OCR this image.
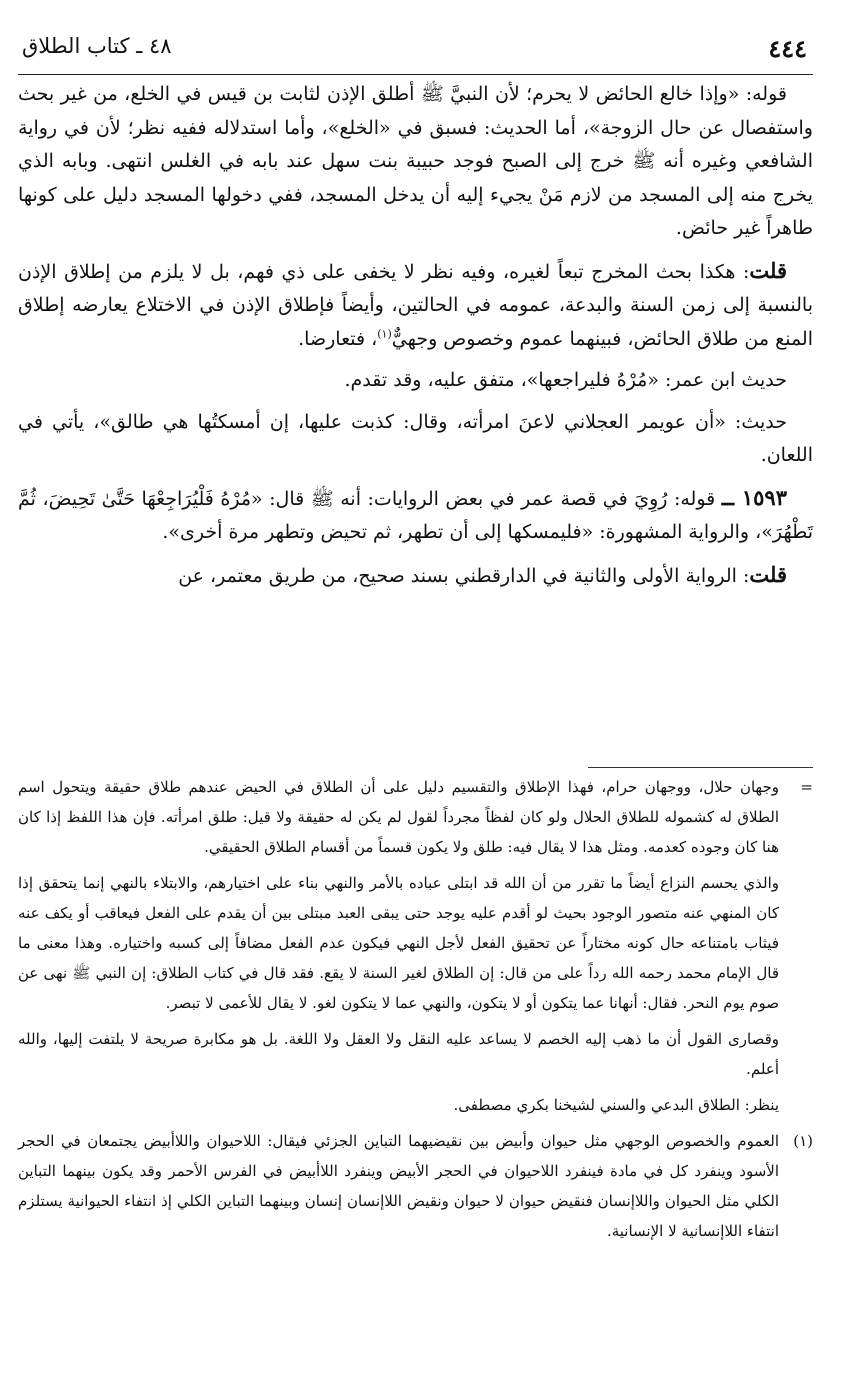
٤٤٤
٤٨ ـ كتاب الطلاق

قوله: «وإذا خالع الحائض لا يحرم؛ لأن النبيَّ ﷺ أطلق الإذن لثابت بن قيس في الخلع، من غير بحث واستفصال عن حال الزوجة»، أما الحديث: فسبق في «الخلع»، وأما استدلاله ففيه نظر؛ لأن في رواية الشافعي وغيره أنه ﷺ خرج إلى الصبح فوجد حبيبة بنت سهل عند بابه في الغلس انتهى. وبابه الذي يخرج منه إلى المسجد من لازم مَنْ يجيء إليه أن يدخل المسجد، ففي دخولها المسجد دليل على كونها طاهراً غير حائض.

قلت: هكذا بحث المخرج تبعاً لغيره، وفيه نظر لا يخفى على ذي فهم، بل لا يلزم من إطلاق الإذن بالنسبة إلى زمن السنة والبدعة، عمومه في الحالتين، وأيضاً فإطلاق الإذن في الاختلاع يعارضه إطلاق المنع من طلاق الحائض، فبينهما عموم وخصوص وجهيٌّ$^{(١)}$، فتعارضا.

حديث ابن عمر: «مُرْهُ فليراجعها»، متفق عليه، وقد تقدم.

حديث: «أن عويمر العجلاني لاعنَ امرأته، وقال: كذبت عليها، إن أمسكتُها هي طالق»، يأتي في اللعان.

١٥٩٣ ــ قوله: رُوِيَ في قصة عمر في بعض الروايات: أنه ﷺ قال: «مُرْهُ فَلْيُرَاجِعْهَا حَتَّىٰ تَحِيضَ، ثُمَّ تَطْهُرَ»، والرواية المشهورة: «فليمسكها إلى أن تطهر، ثم تحيض وتطهر مرة أخرى».

قلت: الرواية الأولى والثانية في الدارقطني بسند صحيح، من طريق معتمر، عن

=وجهان حلال، ووجهان حرام، فهذا الإطلاق والتقسيم دليل على أن الطلاق في الحيض عندهم طلاق حقيقة ويتحول اسم الطلاق له كشموله للطلاق الحلال ولو كان لفظاً مجرداً لقول لم يكن له حقيقة ولا قيل: طلق امرأته. فإن هذا اللفظ إذا كان هنا كان وجوده كعدمه. ومثل هذا لا يقال فيه: طلق ولا يكون قسماً من أقسام الطلاق الحقيقي.

والذي يحسم النزاع أيضاً ما تقرر من أن الله قد ابتلى عباده بالأمر والنهي بناء على اختيارهم، والابتلاء بالنهي إنما يتحقق إذا كان المنهي عنه متصور الوجود بحيث لو أقدم عليه يوجد حتى يبقى العبد مبتلى بين أن يقدم على الفعل فيعاقب أو يكف عنه فيثاب بامتناعه حال كونه مختاراً عن تحقيق الفعل لأجل النهي فيكون عدم الفعل مضافاً إلى كسبه واختياره. وهذا معنى ما قال الإمام محمد رحمه الله رداً على من قال: إن الطلاق لغير السنة لا يقع. فقد قال في كتاب الطلاق: إن النبي ﷺ نهى عن صوم يوم النحر. فقال: أنهانا عما يتكون أو لا يتكون، والنهي عما لا يتكون لغو. لا يقال للأعمى لا تبصر.

وقصارى القول أن ما ذهب إليه الخصم لا يساعد عليه النقل ولا العقل ولا اللغة. بل هو مكابرة صريحة لا يلتفت إليها، والله أعلم.

ينظر: الطلاق البدعي والسني لشيخنا بكري مصطفى.

(١)العموم والخصوص الوجهي مثل حيوان وأبيض بين نقيضيهما التباين الجزئي فيقال: اللاحيوان واللاأبيض يجتمعان في الحجر الأسود وينفرد كل في مادة فينفرد اللاحيوان في الحجر الأبيض وينفرد اللاأبيض في الفرس الأحمر وقد يكون بينهما التباين الكلي مثل الحيوان واللاإنسان فنقيض حيوان لا حيوان ونقيض اللاإنسان إنسان وبينهما التباين الكلي إذ انتفاء الحيوانية يستلزم انتفاء اللاإنسانية لا الإنسانية.
